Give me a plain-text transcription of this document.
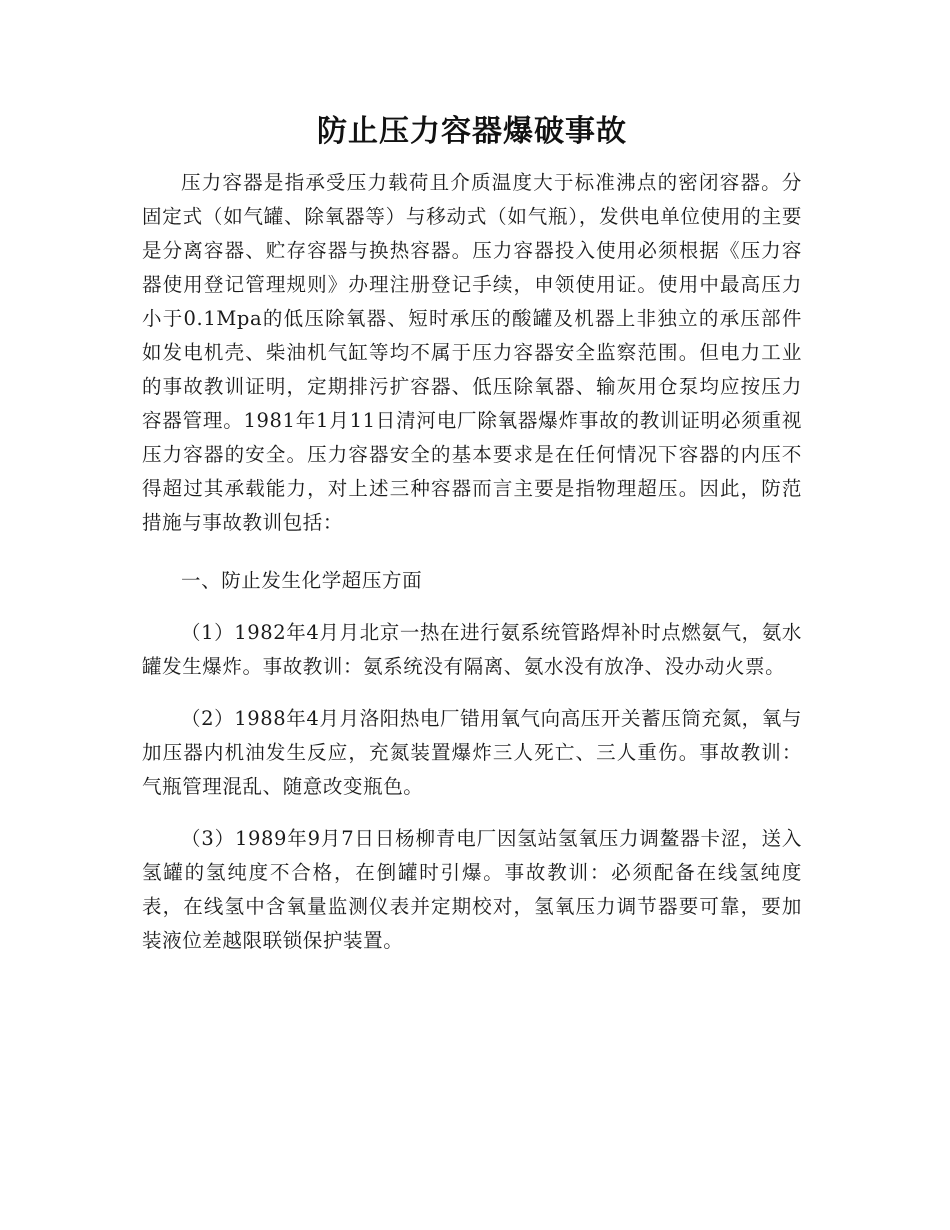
防止压力容器爆破事故

压力容器是指承受压力载荷且介质温度大于标准沸点的密闭容器。分固定式（如气罐、除氧器等）与移动式（如气瓶），发供电单位使用的主要是分离容器、贮存容器与换热容器。压力容器投入使用必须根据《压力容器使用登记管理规则》办理注册登记手续，申领使用证。使用中最高压力小于0.1Mpa的低压除氧器、短时承压的酸罐及机器上非独立的承压部件如发电机壳、柴油机气缸等均不属于压力容器安全监察范围。但电力工业的事故教训证明，定期排污扩容器、低压除氧器、输灰用仓泵均应按压力容器管理。1981年1月11日清河电厂除氧器爆炸事故的教训证明必须重视压力容器的安全。压力容器安全的基本要求是在任何情况下容器的内压不得超过其承载能力，对上述三种容器而言主要是指物理超压。因此，防范措施与事故教训包括：

一、防止发生化学超压方面

（1）1982年4月月北京一热在进行氨系统管路焊补时点燃氨气，氨水罐发生爆炸。事故教训：氨系统没有隔离、氨水没有放净、没办动火票。

（2）1988年4月月洛阳热电厂错用氧气向高压开关蓄压筒充氮，氧与加压器内机油发生反应，充氮装置爆炸三人死亡、三人重伤。事故教训：气瓶管理混乱、随意改变瓶色。

（3）1989年9月7日日杨柳青电厂因氢站氢氧压力调鳌器卡涩，送入氢罐的氢纯度不合格，在倒罐时引爆。事故教训：必须配备在线氢纯度表，在线氢中含氧量监测仪表并定期校对，氢氧压力调节器要可靠，要加装液位差越限联锁保护装置。
